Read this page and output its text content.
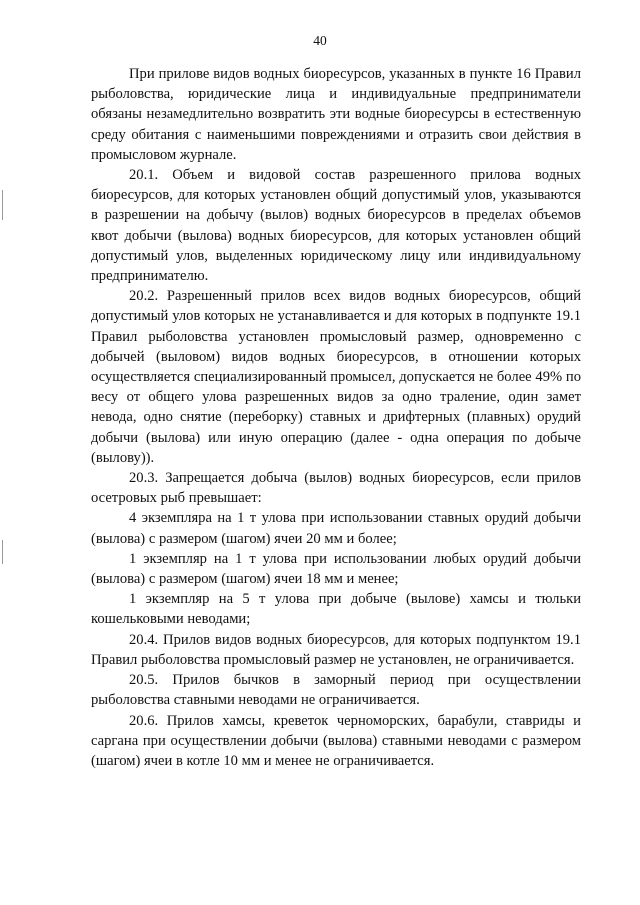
40

При прилове видов водных биоресурсов, указанных в пункте 16 Правил рыболовства, юридические лица и индивидуальные предприниматели обязаны незамедлительно возвратить эти водные биоресурсы в естественную среду обитания с наименьшими повреждениями и отразить свои действия в промысловом журнале.

20.1. Объем и видовой состав разрешенного прилова водных биоресурсов, для которых установлен общий допустимый улов, указываются в разрешении на добычу (вылов) водных биоресурсов в пределах объемов квот добычи (вылова) водных биоресурсов, для которых установлен общий допустимый улов, выделенных юридическому лицу или индивидуальному предпринимателю.

20.2. Разрешенный прилов всех видов водных биоресурсов, общий допустимый улов которых не устанавливается и для которых в подпункте 19.1 Правил рыболовства установлен промысловый размер, одновременно с добычей (выловом) видов водных биоресурсов, в отношении которых осуществляется специализированный промысел, допускается не более 49% по весу от общего улова разрешенных видов за одно траление, один замет невода, одно снятие (переборку) ставных и дрифтерных (плавных) орудий добычи (вылова) или иную операцию (далее - одна операция по добыче (вылову)).

20.3. Запрещается добыча (вылов) водных биоресурсов, если прилов осетровых рыб превышает:

4 экземпляра на 1 т улова при использовании ставных орудий добычи (вылова) с размером (шагом) ячеи 20 мм и более;

1 экземпляр на 1 т улова при использовании любых орудий добычи (вылова) с размером (шагом) ячеи 18 мм и менее;

1 экземпляр на 5 т улова при добыче (вылове) хамсы и тюльки кошельковыми неводами;

20.4. Прилов видов водных биоресурсов, для которых подпунктом 19.1 Правил рыболовства промысловый размер не установлен, не ограничивается.

20.5. Прилов бычков в заморный период при осуществлении рыболовства ставными неводами не ограничивается.

20.6. Прилов хамсы, креветок черноморских, барабули, ставриды и саргана при осуществлении добычи (вылова) ставными неводами с размером (шагом) ячеи в котле 10 мм и менее не ограничивается.
